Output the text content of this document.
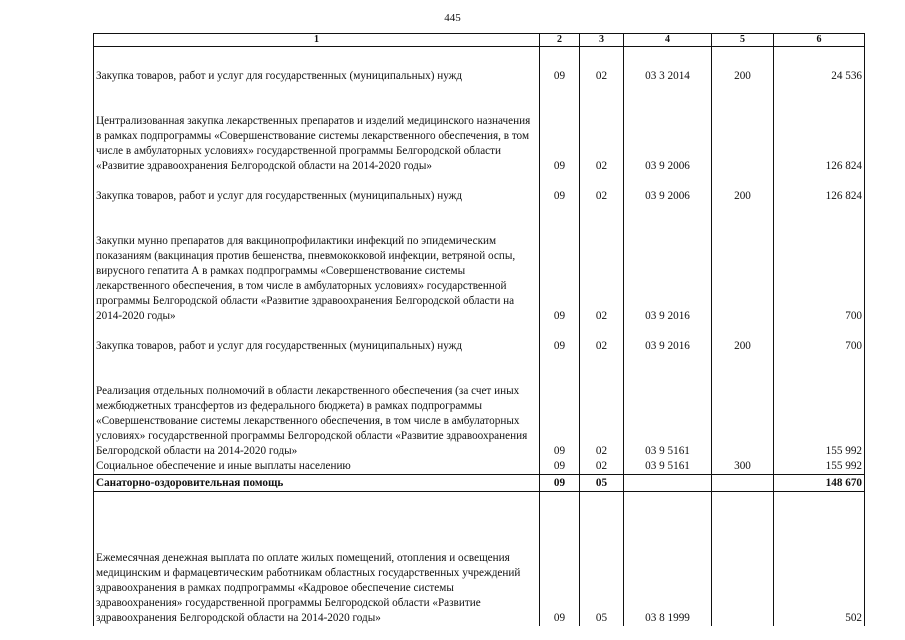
445
1	2	3	4	5	6

Закупка товаров, работ и услуг для государственных (муниципальных) нужд	09	02	03 3 2014	200	24 536
Централизованная закупка лекарственных препаратов и изделий медицинского назначения в рамках подпрограммы «Совершенствование системы лекарственного обеспечения, в том числе в амбулаторных условиях» государственной программы Белгородской области «Развитие здравоохранения Белгородской области на 2014-2020 годы»	09	02	03 9 2006		126 824

Закупка товаров, работ и услуг для государственных (муниципальных) нужд	09	02	03 9 2006	200	126 824

Закупки мунно препаратов для вакцинопрофилактики инфекций по эпидемическим показаниям (вакцинация против бешенства, пневмококковой инфекции, ветряной оспы, вирусного гепатита А в рамках подпрограммы «Совершенствование системы лекарственного обеспечения, в том числе в амбулаторных условиях» государственной программы Белгородской области «Развитие здравоохранения Белгородской области на 2014-2020 годы»	09	02	03 9 2016		700
Закупка товаров, работ и услуг для государственных (муниципальных) нужд	09	02	03 9 2016	200	700
Реализация отдельных полномочий в области лекарственного обеспечения (за счет иных межбюджетных трансфертов из федерального бюджета) в рамках подпрограммы «Совершенствование системы лекарственного обеспечения, в том числе в амбулаторных условиях» государственной программы Белгородской области «Развитие здравоохранения Белгородской области на 2014-2020 годы»	09	02	03 9 5161		155 992
Социальное обеспечение и иные выплаты населению	09	02	03 9 5161	300	155 992
Санаторно-оздоровительная помощь	09	05			148 670

Ежемесячная денежная выплата по оплате жилых помещений, отопления и освещения медицинским и фармацевтическим работникам областных государственных учреждений здравоохранения в рамках подпрограммы «Кадровое обеспечение системы здравоохранения» государственной программы Белгородской области «Развитие здравоохранения Белгородской области на 2014-2020 годы»	09	05	03 8 1999		502
